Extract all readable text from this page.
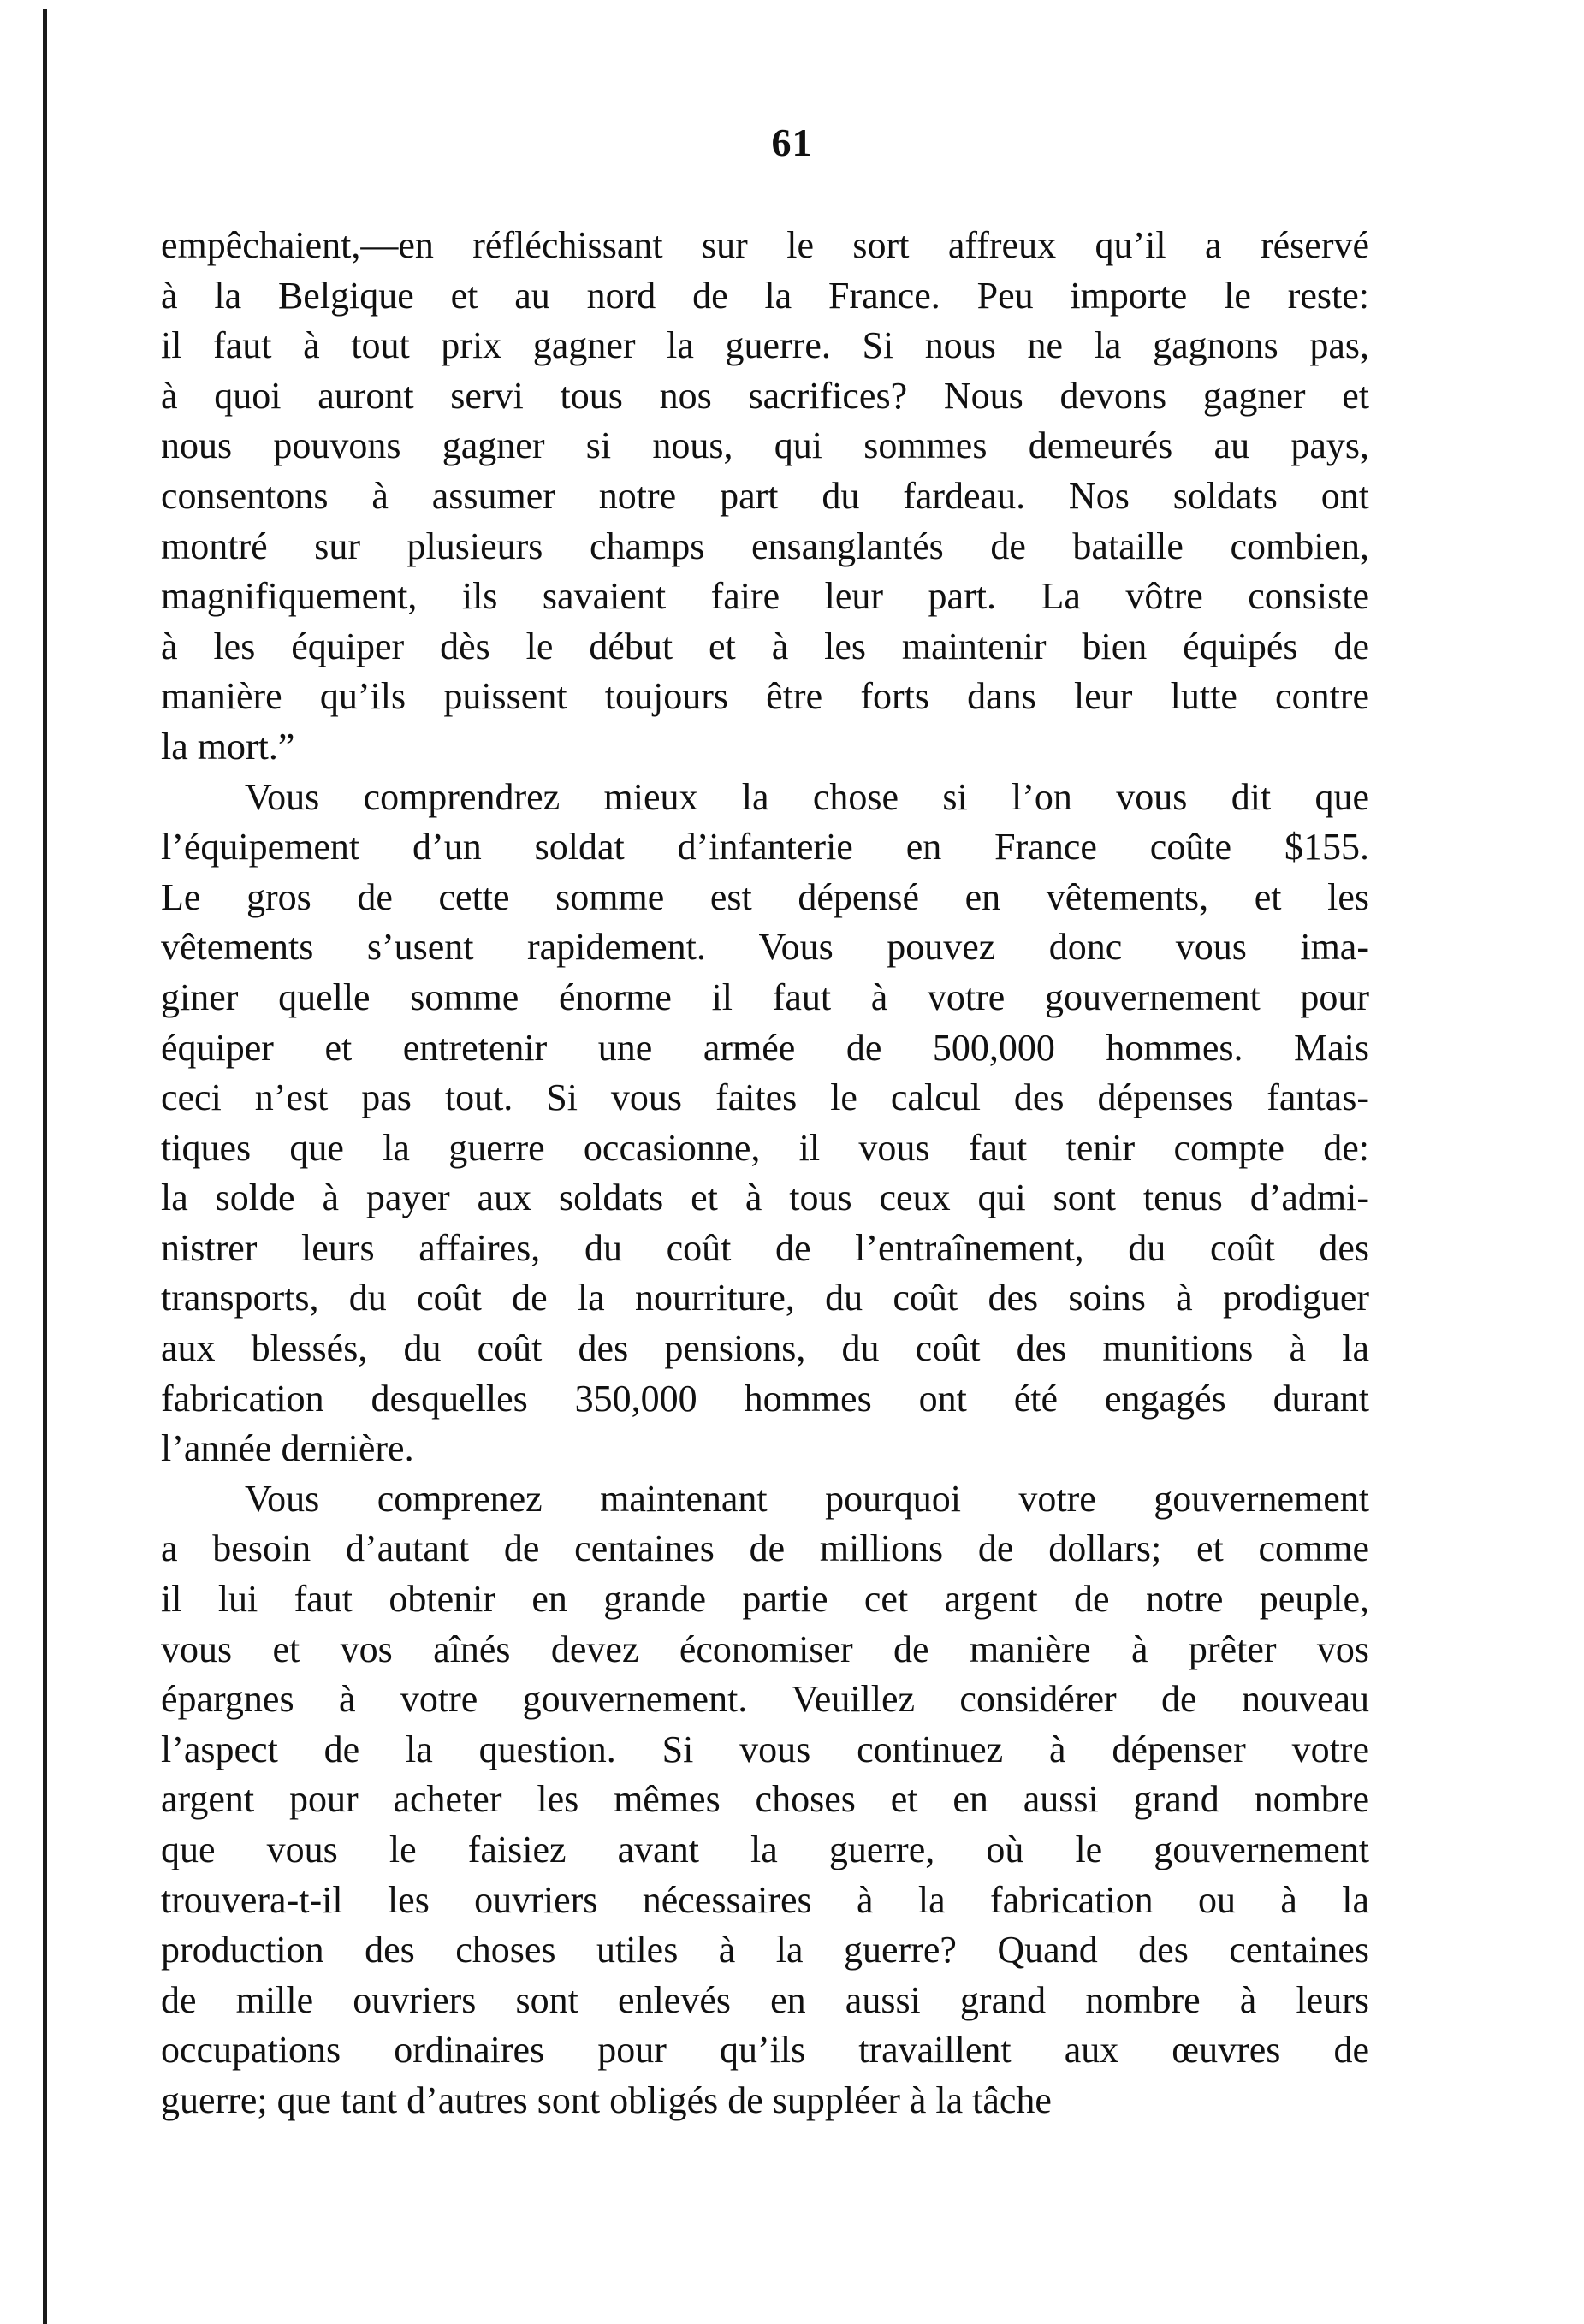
61
empêchaient,—en réfléchissant sur le sort affreux qu’il a réservé
à la Belgique et au nord de la France. Peu importe le reste:
il faut à tout prix gagner la guerre. Si nous ne la gagnons pas,
à quoi auront servi tous nos sacrifices? Nous devons gagner et
nous pouvons gagner si nous, qui sommes demeurés au pays,
consentons à assumer notre part du fardeau. Nos soldats ont
montré sur plusieurs champs ensanglantés de bataille combien,
magnifiquement, ils savaient faire leur part. La vôtre consiste
à les équiper dès le début et à les maintenir bien équipés de
manière qu’ils puissent toujours être forts dans leur lutte contre
la mort.”
Vous comprendrez mieux la chose si l’on vous dit que
l’équipement d’un soldat d’infanterie en France coûte $155.
Le gros de cette somme est dépensé en vêtements, et les
vêtements s’usent rapidement. Vous pouvez donc vous ima-
giner quelle somme énorme il faut à votre gouvernement pour
équiper et entretenir une armée de 500,000 hommes. Mais
ceci n’est pas tout. Si vous faites le calcul des dépenses fantas-
tiques que la guerre occasionne, il vous faut tenir compte de:
la solde à payer aux soldats et à tous ceux qui sont tenus d’admi-
nistrer leurs affaires, du coût de l’entraînement, du coût des
transports, du coût de la nourriture, du coût des soins à prodiguer
aux blessés, du coût des pensions, du coût des munitions à la
fabrication desquelles 350,000 hommes ont été engagés durant
l’année dernière.
Vous comprenez maintenant pourquoi votre gouvernement
a besoin d’autant de centaines de millions de dollars; et comme
il lui faut obtenir en grande partie cet argent de notre peuple,
vous et vos aînés devez économiser de manière à prêter vos
épargnes à votre gouvernement. Veuillez considérer de nouveau
l’aspect de la question. Si vous continuez à dépenser votre
argent pour acheter les mêmes choses et en aussi grand nombre
que vous le faisiez avant la guerre, où le gouvernement
trouvera-t-il les ouvriers nécessaires à la fabrication ou à la
production des choses utiles à la guerre? Quand des centaines
de mille ouvriers sont enlevés en aussi grand nombre à leurs
occupations ordinaires pour qu’ils travaillent aux œuvres de
guerre; que tant d’autres sont obligés de suppléer à la tâche
